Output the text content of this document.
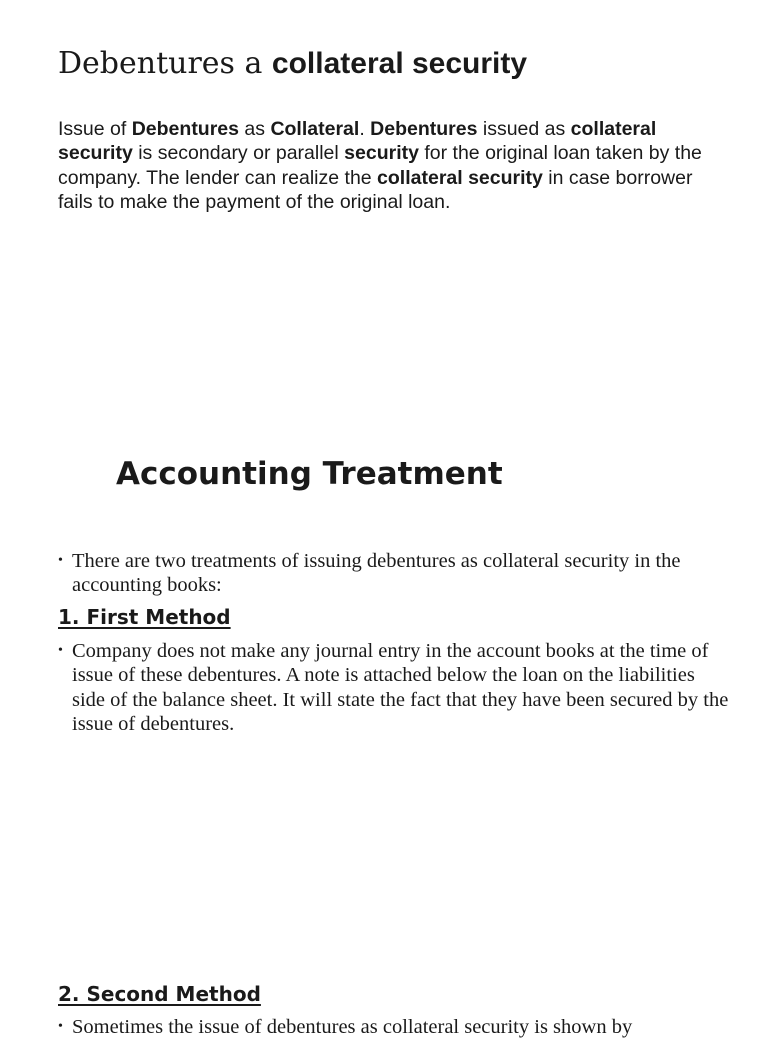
Debentures a collateral security

Issue of Debentures as Collateral. Debentures issued as collateral security is secondary or parallel security for the original loan taken by the company. The lender can realize the collateral security in case borrower fails to make the payment of the original loan.

Accounting Treatment

• There are two treatments of issuing debentures as collateral security in the accounting books:

1. First Method

• Company does not make any journal entry in the account books at the time of issue of these debentures. A note is attached below the loan on the liabilities side of the balance sheet. It will state the fact that they have been secured by the issue of debentures.

2. Second Method

• Sometimes the issue of debentures as collateral security is shown by
